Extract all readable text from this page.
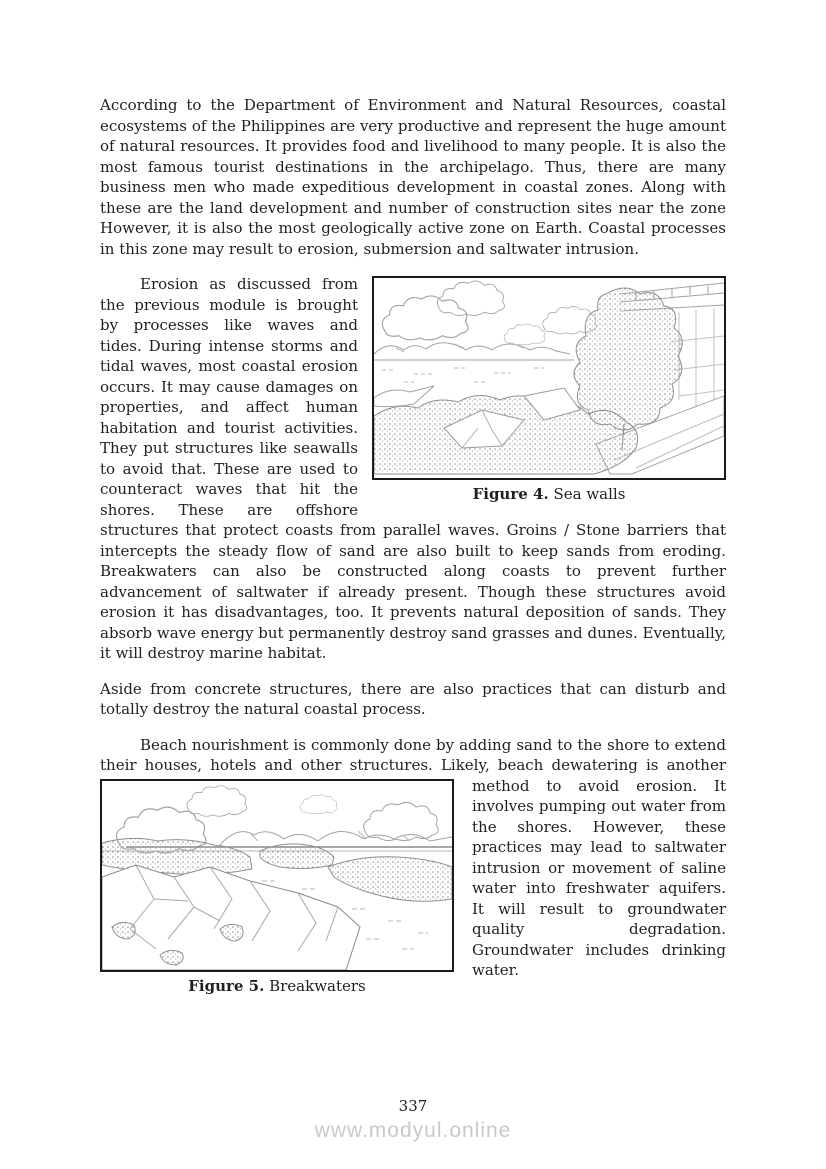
According to the Department of Environment and Natural Resources, coastal ecosystems of the Philippines are very productive and represent the huge amount of natural resources. It provides food and livelihood to many people. It is also the most famous tourist destinations in the archipelago. Thus, there are many business men who made expeditious development in coastal zones. Along with these are the land development and number of construction sites near the zone However, it is also the most geologically active zone on Earth. Coastal processes in this zone may result to erosion, submersion and saltwater intrusion.

Figure 4. Sea walls
Erosion as discussed from the previous module is brought by processes like waves and tides. During intense storms and tidal waves, most coastal erosion occurs. It may cause damages on properties, and affect human habitation and tourist activities. They put structures like seawalls to avoid that. These are used to counteract waves that hit the shores. These are offshore structures that protect coasts from parallel waves. Groins / Stone barriers that intercepts the steady flow of sand are also built to keep sands from eroding. Breakwaters can also be constructed along coasts to prevent further advancement of saltwater if already present. Though these structures avoid erosion it has disadvantages, too. It prevents natural deposition of sands. They absorb wave energy but permanently destroy sand grasses and dunes. Eventually, it will destroy marine habitat.

Aside from concrete structures, there are also practices that can disturb and totally destroy the natural coastal process.

Beach nourishment is commonly done by adding sand to the shore to extend their houses, hotels and other structures. Likely, beach dewatering is another
Figure 5. Breakwaters
method to avoid erosion. It involves pumping out water from the shores. However, these practices may lead to saltwater intrusion or movement of saline water into freshwater aquifers. It will result to groundwater quality degradation. Groundwater includes drinking water.

337
www.modyul.online
